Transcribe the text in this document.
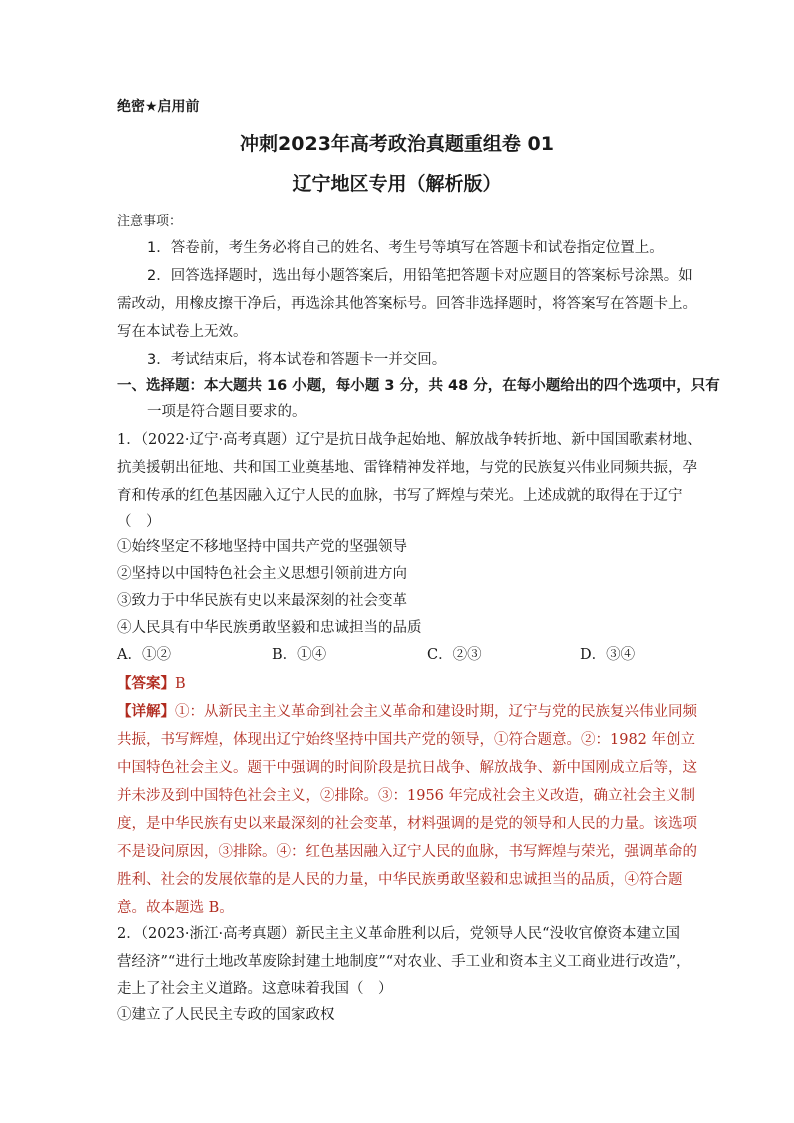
绝密★启用前
冲刺2023年高考政治真题重组卷 01
辽宁地区专用（解析版）
注意事项：
1．答卷前，考生务必将自己的姓名、考生号等填写在答题卡和试卷指定位置上。
2．回答选择题时，选出每小题答案后，用铅笔把答题卡对应题目的答案标号涂黑。如
需改动，用橡皮擦干净后，再选涂其他答案标号。回答非选择题时，将答案写在答题卡上。
写在本试卷上无效。
3．考试结束后，将本试卷和答题卡一并交回。
一、选择题：本大题共 16 小题，每小题 3 分，共 48 分，在每小题给出的四个选项中，只有
一项是符合题目要求的。
1．（2022·辽宁·高考真题）辽宁是抗日战争起始地、解放战争转折地、新中国国歌素材地、
抗美援朝出征地、共和国工业奠基地、雷锋精神发祥地，与党的民族复兴伟业同频共振，孕
育和传承的红色基因融入辽宁人民的血脉，书写了辉煌与荣光。上述成就的取得在于辽宁
（　）
①始终坚定不移地坚持中国共产党的坚强领导
②坚持以中国特色社会主义思想引领前进方向
③致力于中华民族有史以来最深刻的社会变革
④人民具有中华民族勇敢坚毅和忠诚担当的品质
A．①②	B．①④	C．②③	D．③④
【答案】B
【详解】①：从新民主主义革命到社会主义革命和建设时期，辽宁与党的民族复兴伟业同频
共振，书写辉煌，体现出辽宁始终坚持中国共产党的领导，①符合题意。②：1982 年创立
中国特色社会主义。题干中强调的时间阶段是抗日战争、解放战争、新中国刚成立后等，这
并未涉及到中国特色社会主义，②排除。③：1956 年完成社会主义改造，确立社会主义制
度，是中华民族有史以来最深刻的社会变革，材料强调的是党的领导和人民的力量。该选项
不是设问原因，③排除。④：红色基因融入辽宁人民的血脉，书写辉煌与荣光，强调革命的
胜利、社会的发展依靠的是人民的力量，中华民族勇敢坚毅和忠诚担当的品质，④符合题
意。故本题选 B。
2．（2023·浙江·高考真题）新民主主义革命胜利以后，党领导人民“没收官僚资本建立国
营经济”“进行土地改革废除封建土地制度”“对农业、手工业和资本主义工商业进行改造”，
走上了社会主义道路。这意味着我国（　）
①建立了人民民主专政的国家政权
